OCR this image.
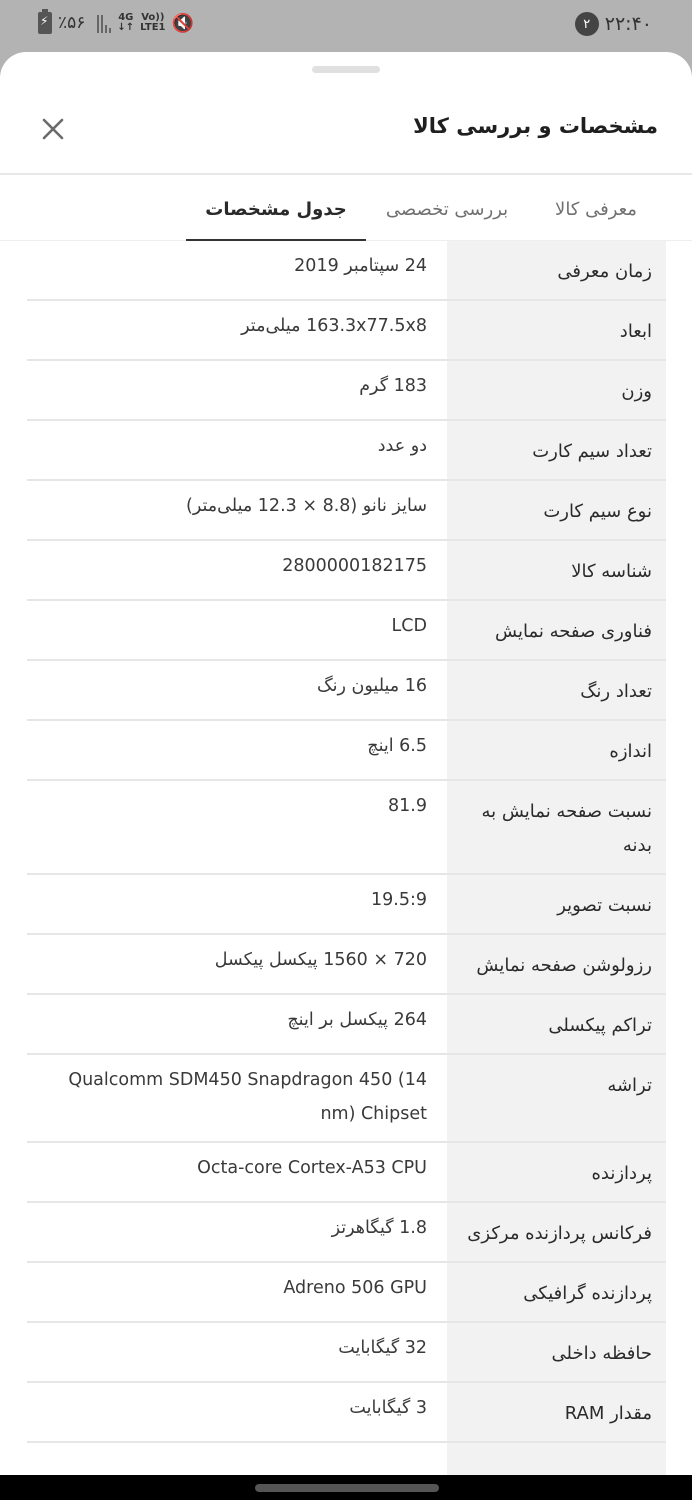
⚡ ٪۵۶	4G
↓↑
Vo))
LTE1 🔇	۲ ۲۲:۴۰
مشخصات و بررسی کالا
معرفی کالا
بررسی تخصصی
جدول مشخصات
زمان معرفی
24 سپتامبر 2019
ابعاد
163.3x77.5x8 میلی‌متر
وزن
183 گرم
تعداد سیم کارت
دو عدد
نوع سیم کارت
سایز نانو (8.8 × 12.3 میلی‌متر)
شناسه کالا
2800000182175
فناوری صفحه نمایش
LCD
تعداد رنگ
16 میلیون رنگ
اندازه
6.5 اینچ
نسبت صفحه نمایش به بدنه
81.9
نسبت تصویر
19.5:9
رزولوشن صفحه نمایش
720 × 1560 پیکسل پیکسل
تراکم پیکسلی
264 پیکسل بر اینچ
تراشه
Qualcomm SDM450 Snapdragon 450 (14 nm) Chipset
پردازنده
Octa-core Cortex-A53 CPU
فرکانس پردازنده مرکزی
1.8 گیگاهرتز
پردازنده گرافیکی
Adreno 506 GPU
حافظه داخلی
32 گیگابایت
مقدار RAM
3 گیگابایت
